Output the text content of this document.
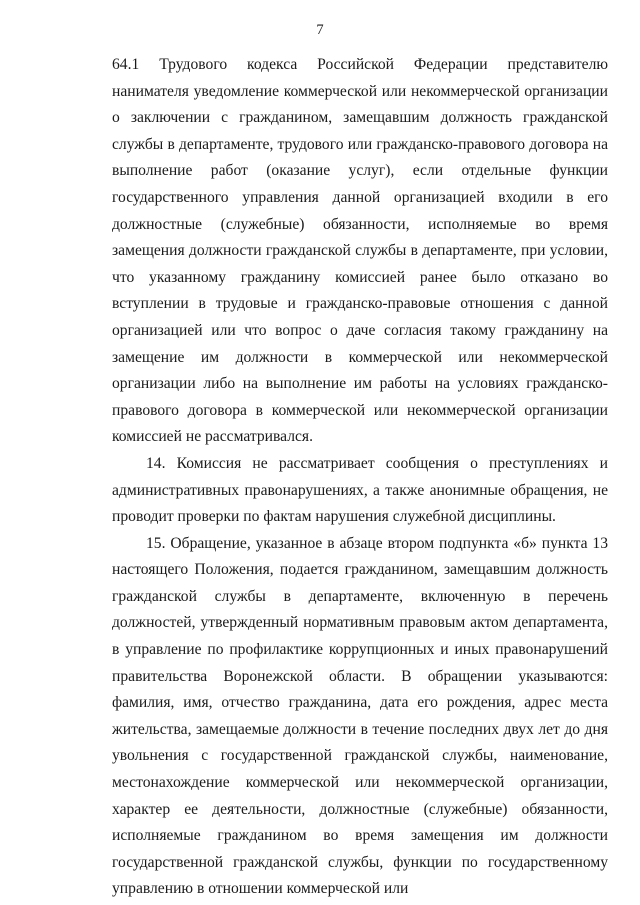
7

64.1 Трудового кодекса Российской Федерации представителю нанимателя уведомление коммерческой или некоммерческой организации о заключении с гражданином, замещавшим должность гражданской службы в департаменте, трудового или гражданско-правового договора на выполнение работ (оказание услуг), если отдельные функции государственного управления данной организацией входили в его должностные (служебные) обязанности, исполняемые во время замещения должности гражданской службы в департаменте, при условии, что указанному гражданину комиссией ранее было отказано во вступлении в трудовые и гражданско-правовые отношения с данной организацией или что вопрос о даче согласия такому гражданину на замещение им должности в коммерческой или некоммерческой организации либо на выполнение им работы на условиях гражданско-правового договора в коммерческой или некоммерческой организации комиссией не рассматривался.

14. Комиссия не рассматривает сообщения о преступлениях и административных правонарушениях, а также анонимные обращения, не проводит проверки по фактам нарушения служебной дисциплины.

15. Обращение, указанное в абзаце втором подпункта «б» пункта 13 настоящего Положения, подается гражданином, замещавшим должность гражданской службы в департаменте, включенную в перечень должностей, утвержденный нормативным правовым актом департамента, в управление по профилактике коррупционных и иных правонарушений правительства Воронежской области. В обращении указываются: фамилия, имя, отчество гражданина, дата его рождения, адрес места жительства, замещаемые должности в течение последних двух лет до дня увольнения с государственной гражданской службы, наименование, местонахождение коммерческой или некоммерческой организации, характер ее деятельности, должностные (служебные) обязанности, исполняемые гражданином во время замещения им должности государственной гражданской службы, функции по государственному управлению в отношении коммерческой или
